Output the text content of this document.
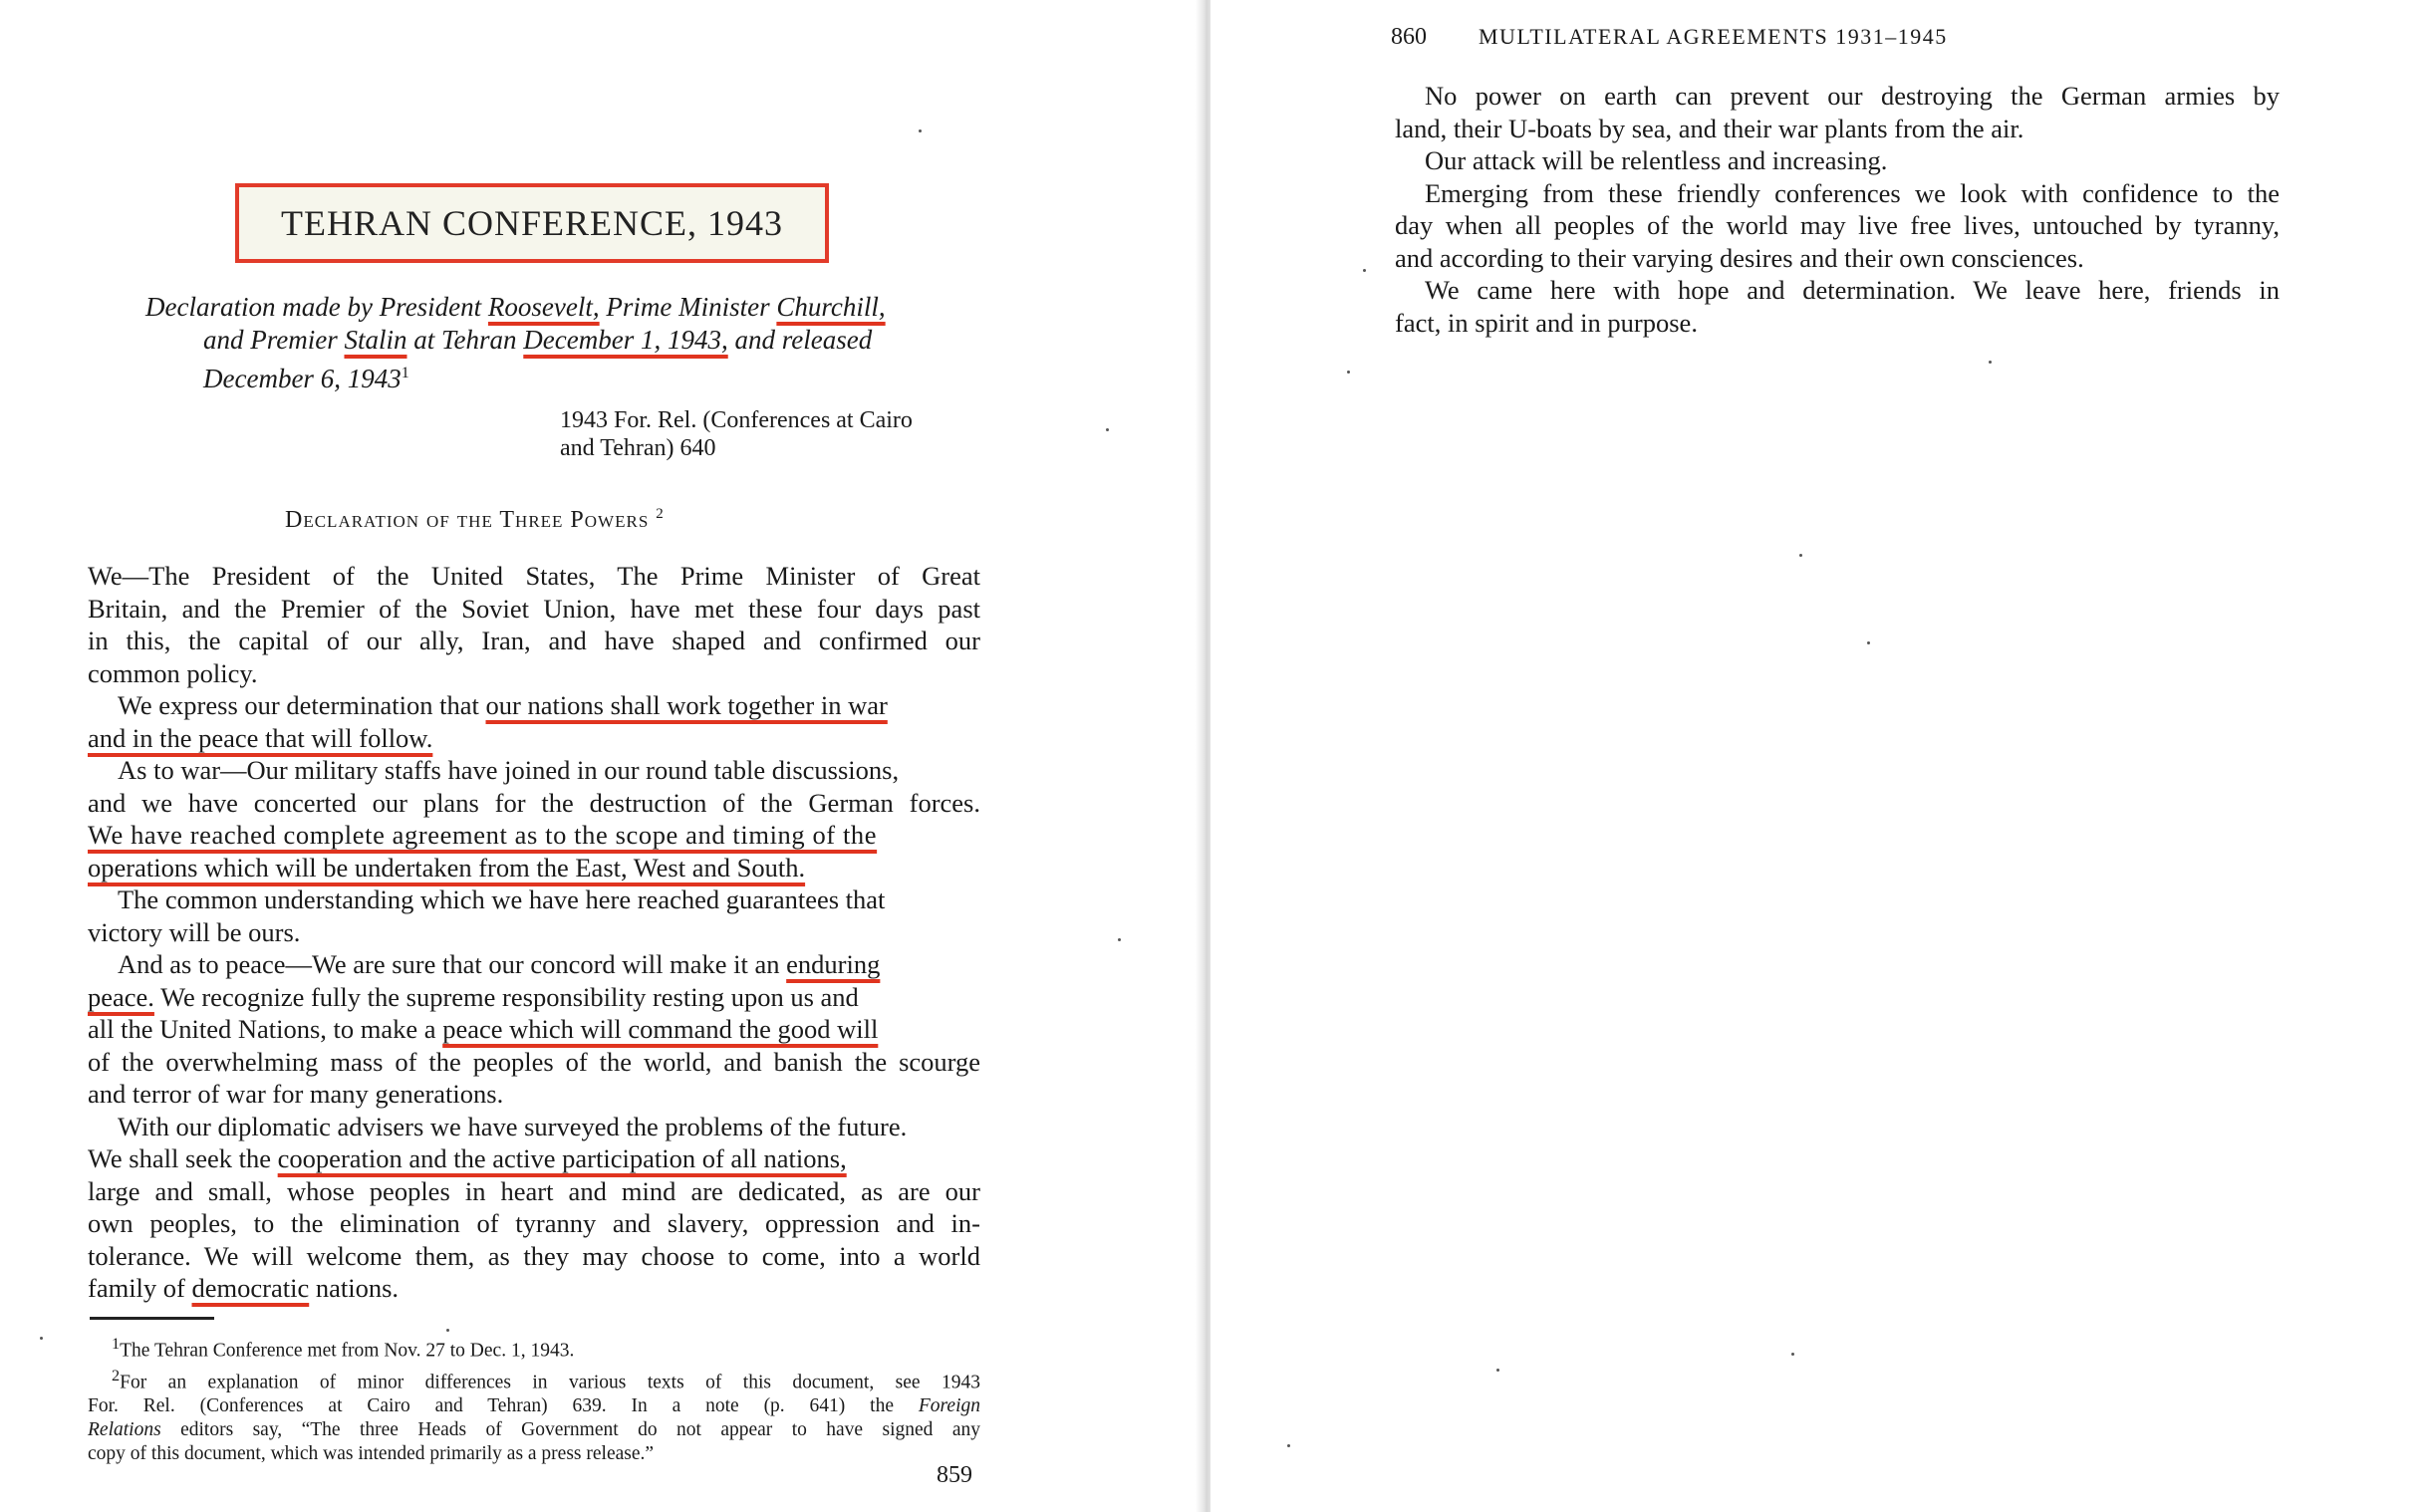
TEHRAN CONFERENCE, 1943
Declaration made by President Roosevelt, Prime Minister Churchill,
and Premier Stalin at Tehran December 1, 1943, and released
December 6, 1943$^1$
1943 For. Rel. (Conferences at Cairo
and Tehran) 640
Declaration of the Three Powers $^2$
We—The President of the United States, The Prime Minister of Great
Britain, and the Premier of the Soviet Union, have met these four days past
in this, the capital of our ally, Iran, and have shaped and confirmed our
common policy.
We express our determination that our nations shall work together in war
and in the peace that will follow.
As to war—Our military staffs have joined in our round table discussions,
and we have concerted our plans for the destruction of the German forces.
We have reached complete agreement as to the scope and timing of the
operations which will be undertaken from the East, West and South.
The common understanding which we have here reached guarantees that
victory will be ours.
And as to peace—We are sure that our concord will make it an enduring
peace. We recognize fully the supreme responsibility resting upon us and
all the United Nations, to make a peace which will command the good will
of the overwhelming mass of the peoples of the world, and banish the scourge
and terror of war for many generations.
With our diplomatic advisers we have surveyed the problems of the future.
We shall seek the cooperation and the active participation of all nations,
large and small, whose peoples in heart and mind are dedicated, as are our
own peoples, to the elimination of tyranny and slavery, oppression and in-
tolerance. We will welcome them, as they may choose to come, into a world
family of democratic nations.
$^1$The Tehran Conference met from Nov. 27 to Dec. 1, 1943.
$^2$For an explanation of minor differences in various texts of this document, see 1943
For. Rel. (Conferences at Cairo and Tehran) 639. In a note (p. 641) the Foreign
Relations editors say, “The three Heads of Government do not appear to have signed any
copy of this document, which was intended primarily as a press release.”
859
860 MULTILATERAL AGREEMENTS 1931–1945
No power on earth can prevent our destroying the German armies by
land, their U-boats by sea, and their war plants from the air.
Our attack will be relentless and increasing.
Emerging from these friendly conferences we look with confidence to the
day when all peoples of the world may live free lives, untouched by tyranny,
and according to their varying desires and their own consciences.
We came here with hope and determination. We leave here, friends in
fact, in spirit and in purpose.
